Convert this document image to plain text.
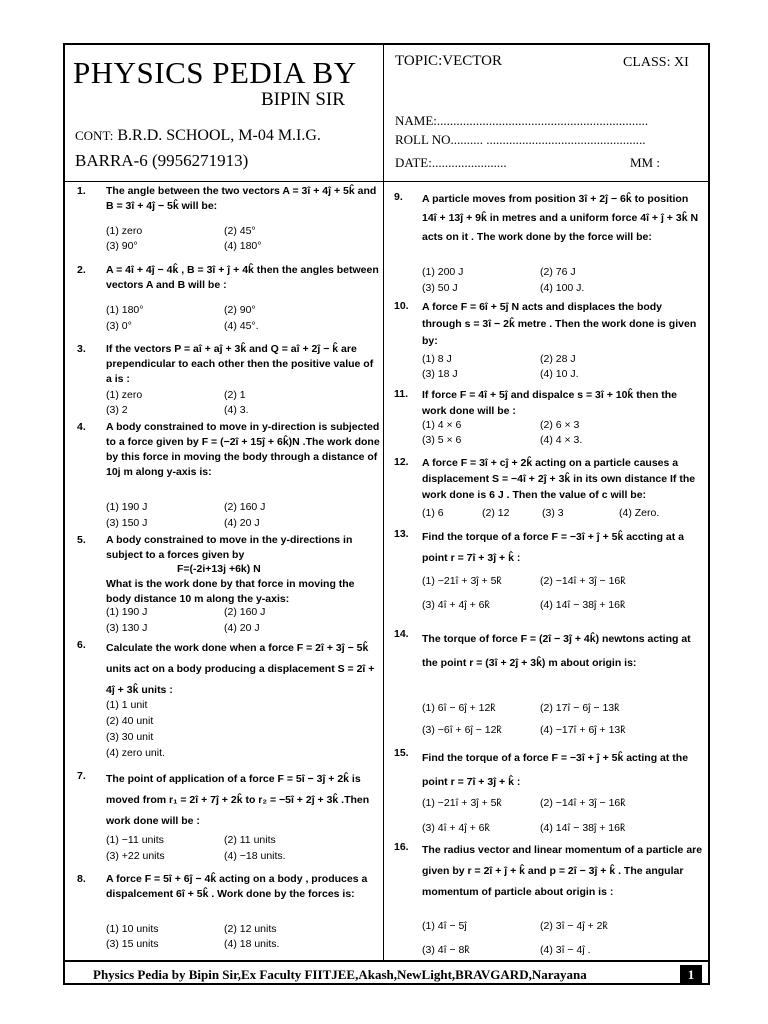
PHYSICS PEDIA BY
BIPIN SIR
CONT: B.R.D. SCHOOL, M-04 M.I.G.
BARRA-6 (9956271913)
TOPIC:VECTOR	CLASS: XI
NAME:.................................................................
ROLL NO.......... .................................................
DATE:.......................	MM :
Physics Pedia by Bipin Sir,Ex Faculty FIITJEE,Akash,NewLight,BRAVGARD,Narayana	1
1. The angle between the two vectors A = 3î + 4ĵ + 5k̂ and B = 3î + 4ĵ − 5k̂ will be:
(1) zero	(2) 45°
(3) 90°	(4) 180°
2. A = 4î + 4ĵ − 4k̂ , B = 3î + ĵ + 4k̂ then the angles between vectors A and B will be :
(1) 180°	(2) 90°
(3) 0°	(4) 45°.
3. If the vectors P = aî + aĵ + 3k̂ and Q = aî + 2ĵ − k̂ are prependicular to each other then the positive value of a is :
(1) zero	(2) 1
(3) 2	(4) 3.
4. A body constrained to move in y-direction is subjected to a force given by F = (−2î + 15ĵ + 6k̂)N .The work done by this force in moving the body through a distance of 10j m along y-axis is:
(1) 190 J	(2) 160 J
(3) 150 J	(4) 20 J
5. A body constrained to move in the y-directions in subject to a forces given by
F=(-2i+13j +6k) N
What is the work done by that force in moving the body distance 10 m along the y-axis:
(1) 190 J	(2) 160 J
(3) 130 J	(4) 20 J
6. Calculate the work done when a force F = 2î + 3ĵ − 5k̂ units act on a body producing a displacement S = 2î + 4ĵ + 3k̂ units :
(1) 1 unit
(2) 40 unit
(3) 30 unit
(4) zero unit.
7. The point of application of a force F = 5î − 3ĵ + 2k̂ is moved from r₁ = 2î + 7ĵ + 2k̂ to r₂ = −5î + 2ĵ + 3k̂ .Then work done will be :
(1) −11 units	(2) 11 units
(3) +22 units	(4) −18 units.
8. A force F = 5î + 6ĵ − 4k̂ acting on a body , produces a dispalcement 6î + 5k̂ . Work done by the forces is:
(1) 10 units	(2) 12 units
(3) 15 units	(4) 18 units.
9. A particle moves from position 3î + 2ĵ − 6k̂ to position 14î + 13ĵ + 9k̂ in metres and a uniform force 4î + ĵ + 3k̂ N acts on it . The work done by the force will be:
(1) 200 J	(2) 76 J
(3) 50 J	(4) 100 J.
10. A force F = 6î + 5ĵ N acts and displaces the body through s = 3î − 2k̂ metre . Then the work done is given by:
(1) 8 J	(2) 28 J
(3) 18 J	(4) 10 J.
11. If force F = 4î + 5ĵ and dispalce s = 3î + 10k̂ then the work done will be :
(1) 4 × 6	(2) 6 × 3
(3) 5 × 6	(4) 4 × 3.
12. A force F = 3î + cĵ + 2k̂ acting on a particle causes a displacement S = −4î + 2ĵ + 3k̂ in its own distance If the work done is 6 J . Then the value of c will be:
(1) 6	(2) 12	(3) 3	(4) Zero.
13. Find the torque of a force F = −3î + ĵ + 5k̂ accting at a point r = 7î + 3ĵ + k̂ :
(1) −21î + 3ĵ + 5k̂	(2) −14î + 3ĵ − 16k̂
(3) 4î + 4ĵ + 6k̂	(4) 14î − 38ĵ + 16k̂
14. The torque of force F = (2î − 3ĵ + 4k̂) newtons acting at the point r = (3î + 2ĵ + 3k̂) m about origin is:
(1) 6î − 6ĵ + 12k̂	(2) 17î − 6ĵ − 13k̂
(3) −6î + 6ĵ − 12k̂	(4) −17î + 6ĵ + 13k̂
15. Find the torque of a force F = −3î + ĵ + 5k̂ acting at the point r = 7î + 3ĵ + k̂ :
(1) −21î + 3ĵ + 5k̂	(2) −14î + 3ĵ − 16k̂
(3) 4î + 4ĵ + 6k̂	(4) 14î − 38ĵ + 16k̂
16. The radius vector and linear momentum of a particle are given by r = 2î + ĵ + k̂ and p = 2î − 3ĵ + k̂ . The angular momentum of particle about origin is :
(1) 4î − 5ĵ	(2) 3î − 4ĵ + 2k̂
(3) 4î − 8k̂	(4) 3î − 4ĵ .
